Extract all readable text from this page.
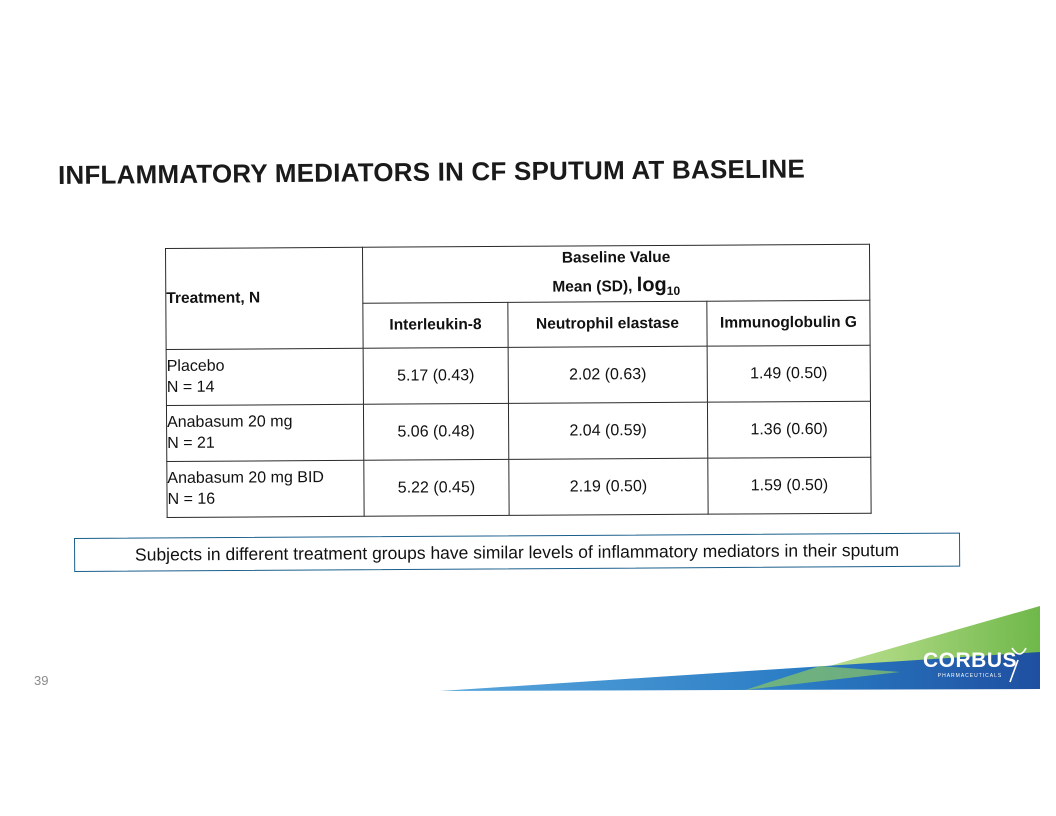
INFLAMMATORY MEDIATORS IN CF SPUTUM AT BASELINE
Treatment, N	Baseline Value
Mean (SD), $\log_{10}$

	Interleukin-8	Neutrophil elastase	Immunoglobulin G

Placebo
N = 14	5.17 (0.43)	2.02 (0.63)	1.49 (0.50)

Anabasum 20 mg
N = 21	5.06 (0.48)	2.04 (0.59)	1.36 (0.60)

Anabasum 20 mg BID
N = 16	5.22 (0.45)	2.19 (0.50)	1.59 (0.50)
Subjects in different treatment groups have similar levels of inflammatory mediators in their sputum
39
CORBUS
PHARMACEUTICALS
